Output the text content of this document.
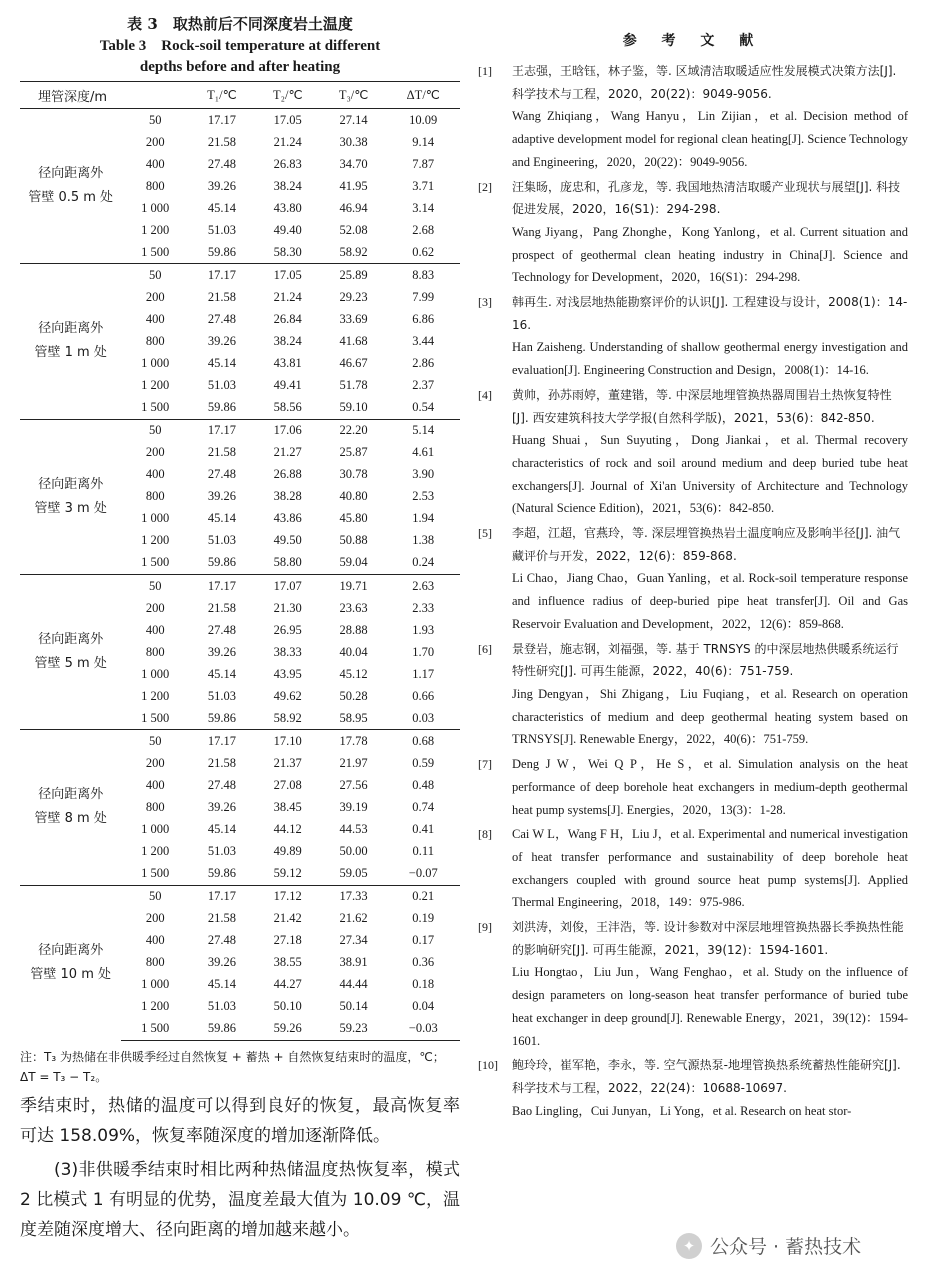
表 3　取热前后不同深度岩土温度
Table 3　Rock-soil temperature at different
depths before and after heating
埋管深度/m		T₁/℃	T₂/℃	T₃/℃	ΔT/℃
径向距离外
管壁 0.5 m 处	50	17.17	17.05	27.14	10.09
	200	21.58	21.24	30.38	9.14
	400	27.48	26.83	34.70	7.87
	800	39.26	38.24	41.95	3.71
	1 000	45.14	43.80	46.94	3.14
	1 200	51.03	49.40	52.08	2.68
	1 500	59.86	58.30	58.92	0.62
径向距离外
管壁 1 m 处	50	17.17	17.05	25.89	8.83
	200	21.58	21.24	29.23	7.99
	400	27.48	26.84	33.69	6.86
	800	39.26	38.24	41.68	3.44
	1 000	45.14	43.81	46.67	2.86
	1 200	51.03	49.41	51.78	2.37
	1 500	59.86	58.56	59.10	0.54
径向距离外
管壁 3 m 处	50	17.17	17.06	22.20	5.14
	200	21.58	21.27	25.87	4.61
	400	27.48	26.88	30.78	3.90
	800	39.26	38.28	40.80	2.53
	1 000	45.14	43.86	45.80	1.94
	1 200	51.03	49.50	50.88	1.38
	1 500	59.86	58.80	59.04	0.24
径向距离外
管壁 5 m 处	50	17.17	17.07	19.71	2.63
	200	21.58	21.30	23.63	2.33
	400	27.48	26.95	28.88	1.93
	800	39.26	38.33	40.04	1.70
	1 000	45.14	43.95	45.12	1.17
	1 200	51.03	49.62	50.28	0.66
	1 500	59.86	58.92	58.95	0.03
径向距离外
管壁 8 m 处	50	17.17	17.10	17.78	0.68
	200	21.58	21.37	21.97	0.59
	400	27.48	27.08	27.56	0.48
	800	39.26	38.45	39.19	0.74
	1 000	45.14	44.12	44.53	0.41
	1 200	51.03	49.89	50.00	0.11
	1 500	59.86	59.12	59.05	−0.07
径向距离外
管壁 10 m 处	50	17.17	17.12	17.33	0.21
	200	21.58	21.42	21.62	0.19
	400	27.48	27.18	27.34	0.17
	800	39.26	38.55	38.91	0.36
	1 000	45.14	44.27	44.44	0.18
	1 200	51.03	50.10	50.14	0.04
	1 500	59.86	59.26	59.23	−0.03
注：T₃ 为热储在非供暖季经过自然恢复 + 蓄热 + 自然恢复结束时的温度，℃；ΔT = T₃ − T₂。

季结束时，热储的温度可以得到良好的恢复，最高恢复率可达 158.09%，恢复率随深度的增加逐渐降低。

(3)非供暖季结束时相比两种热储温度热恢复率，模式 2 比模式 1 有明显的优势，温度差最大值为 10.09 ℃，温度差随深度增大、径向距离的增加越来越小。

参 考 文 献
[1]	王志强，王晗钰，林子鉴，等. 区域清洁取暖适应性发展模式决策方法[J]. 科学技术与工程，2020，20(22)：9049-9056.
Wang Zhiqiang，Wang Hanyu，Lin Zijian，et al. Decision method of adaptive development model for regional clean heating[J]. Science Technology and Engineering，2020，20(22)：9049-9056.
[2]	汪集旸，庞忠和，孔彦龙，等. 我国地热清洁取暖产业现状与展望[J]. 科技促进发展，2020，16(S1)：294-298.
Wang Jiyang，Pang Zhonghe，Kong Yanlong，et al. Current situation and prospect of geothermal clean heating industry in China[J]. Science and Technology for Development，2020，16(S1)：294-298.
[3]	韩再生. 对浅层地热能勘察评价的认识[J]. 工程建设与设计，2008(1)：14-16.
Han Zaisheng. Understanding of shallow geothermal energy investigation and evaluation[J]. Engineering Construction and Design，2008(1)：14-16.
[4]	黄帅，孙苏雨婷，董建锴，等. 中深层地埋管换热器周围岩土热恢复特性[J]. 西安建筑科技大学学报(自然科学版)，2021，53(6)：842-850.
Huang Shuai，Sun Suyuting，Dong Jiankai，et al. Thermal recovery characteristics of rock and soil around medium and deep buried tube heat exchangers[J]. Journal of Xi'an University of Architecture and Technology (Natural Science Edition)，2021，53(6)：842-850.
[5]	李超，江超，官燕玲，等. 深层埋管换热岩土温度响应及影响半径[J]. 油气藏评价与开发，2022，12(6)：859-868.
Li Chao，Jiang Chao，Guan Yanling，et al. Rock-soil temperature response and influence radius of deep-buried pipe heat transfer[J]. Oil and Gas Reservoir Evaluation and Development，2022，12(6)：859-868.
[6]	景登岩，施志钢，刘福强，等. 基于 TRNSYS 的中深层地热供暖系统运行特性研究[J]. 可再生能源，2022，40(6)：751-759.
Jing Dengyan，Shi Zhigang，Liu Fuqiang，et al. Research on operation characteristics of medium and deep geothermal heating system based on TRNSYS[J]. Renewable Energy，2022，40(6)：751-759.
[7]	Deng J W，Wei Q P，He S，et al. Simulation analysis on the heat performance of deep borehole heat exchangers in medium-depth geothermal heat pump systems[J]. Energies，2020，13(3)：1-28.
[8]	Cai W L，Wang F H，Liu J，et al. Experimental and numerical investigation of heat transfer performance and sustainability of deep borehole heat exchangers coupled with ground source heat pump systems[J]. Applied Thermal Engineering，2018，149：975-986.
[9]	刘洪涛，刘俊，王沣浩，等. 设计参数对中深层地埋管换热器长季换热性能的影响研究[J]. 可再生能源，2021，39(12)：1594-1601.
Liu Hongtao，Liu Jun，Wang Fenghao，et al. Study on the influence of design parameters on long-season heat transfer performance of buried tube heat exchanger in deep ground[J]. Renewable Energy，2021，39(12)：1594-1601.
[10]	鲍玲玲，崔军艳，李永，等. 空气源热泵-地埋管换热系统蓄热性能研究[J]. 科学技术与工程，2022，22(24)：10688-10697.
Bao Lingling，Cui Junyan，Li Yong，et al. Research on heat stor-
✦ 公众号 · 蓄热技术
